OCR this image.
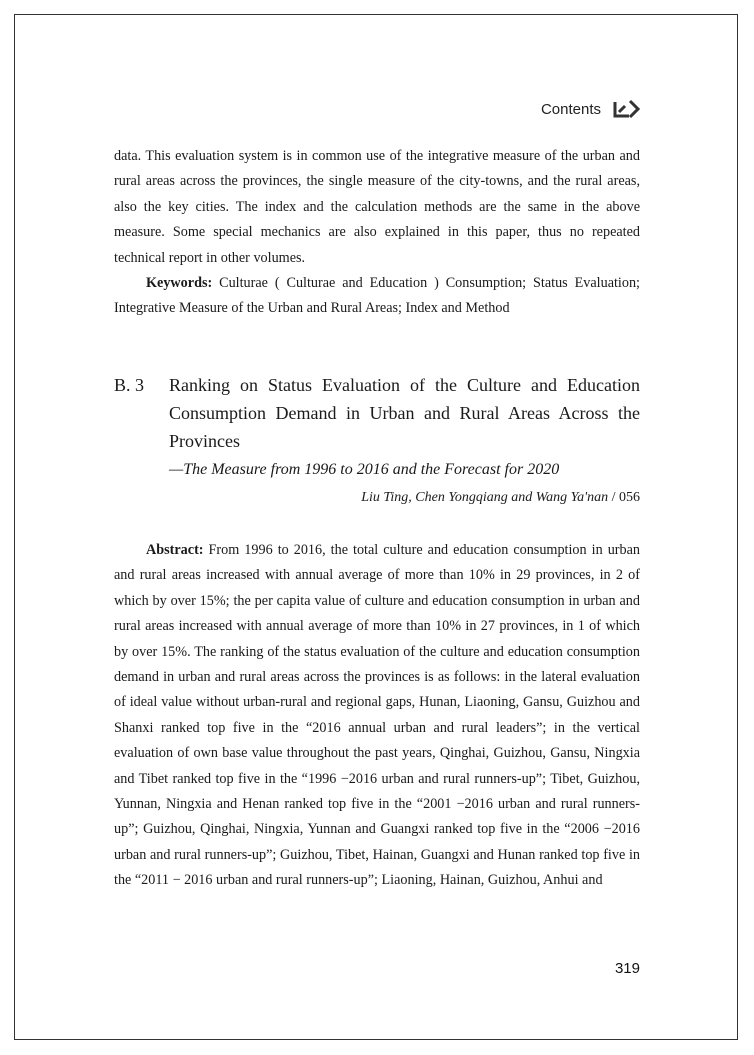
Contents

data. This evaluation system is in common use of the integrative measure of the urban and rural areas across the provinces, the single measure of the city-towns, and the rural areas, also the key cities. The index and the calculation methods are the same in the above measure. Some special mechanics are also explained in this paper, thus no repeated technical report in other volumes.

Keywords: Culturae ( Culturae and Education ) Consumption; Status Evaluation; Integrative Measure of the Urban and Rural Areas; Index and Method

B. 3	Ranking on Status Evaluation of the Culture and Education Consumption Demand in Urban and Rural Areas Across the Provinces
—The Measure from 1996 to 2016 and the Forecast for 2020
Liu Ting, Chen Yongqiang and Wang Ya'nan / 056

Abstract: From 1996 to 2016, the total culture and education consumption in urban and rural areas increased with annual average of more than 10% in 29 provinces, in 2 of which by over 15%; the per capita value of culture and education consumption in urban and rural areas increased with annual average of more than 10% in 27 provinces, in 1 of which by over 15%. The ranking of the status evaluation of the culture and education consumption demand in urban and rural areas across the provinces is as follows: in the lateral evaluation of ideal value without urban-rural and regional gaps, Hunan, Liaoning, Gansu, Guizhou and Shanxi ranked top five in the “2016 annual urban and rural leaders”; in the vertical evaluation of own base value throughout the past years, Qinghai, Guizhou, Gansu, Ningxia and Tibet ranked top five in the “1996 −2016 urban and rural runners-up”; Tibet, Guizhou, Yunnan, Ningxia and Henan ranked top five in the “2001 −2016 urban and rural runners-up”; Guizhou, Qinghai, Ningxia, Yunnan and Guangxi ranked top five in the “2006 −2016 urban and rural runners-up”; Guizhou, Tibet, Hainan, Guangxi and Hunan ranked top five in the “2011 − 2016 urban and rural runners-up”; Liaoning, Hainan, Guizhou, Anhui and

319
